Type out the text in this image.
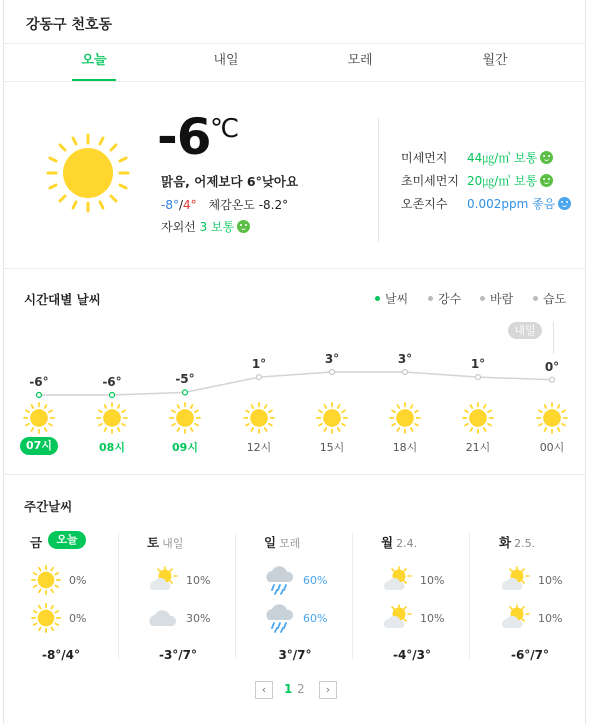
강동구 천호동
오늘	내일	모레	월간
-6 ℃
맑음, 어제보다 6°낮아요
-8°/4° 체감온도 -8.2°
자외선 3 보통
미세먼지 44㎍/㎥ 보통
초미세먼지 20㎍/㎥ 보통
오존지수 0.002ppm 좋음
시간대별 날씨	날씨	강수	바람	습도
내일
-6°
07시
-6°
08시
-5°
09시
1°
12시
3°
15시
3°
18시
1°
21시
0°
00시
주간날씨
금	오늘
0%
0%
-8°/4°
토 내일
10%
30%
-3°/7°
일 모레
60%
60%
3°/7°
월 2.4.
10%
10%
-4°/3°
화 2.5.
10%
10%
-6°/7°
‹	1 2	›
